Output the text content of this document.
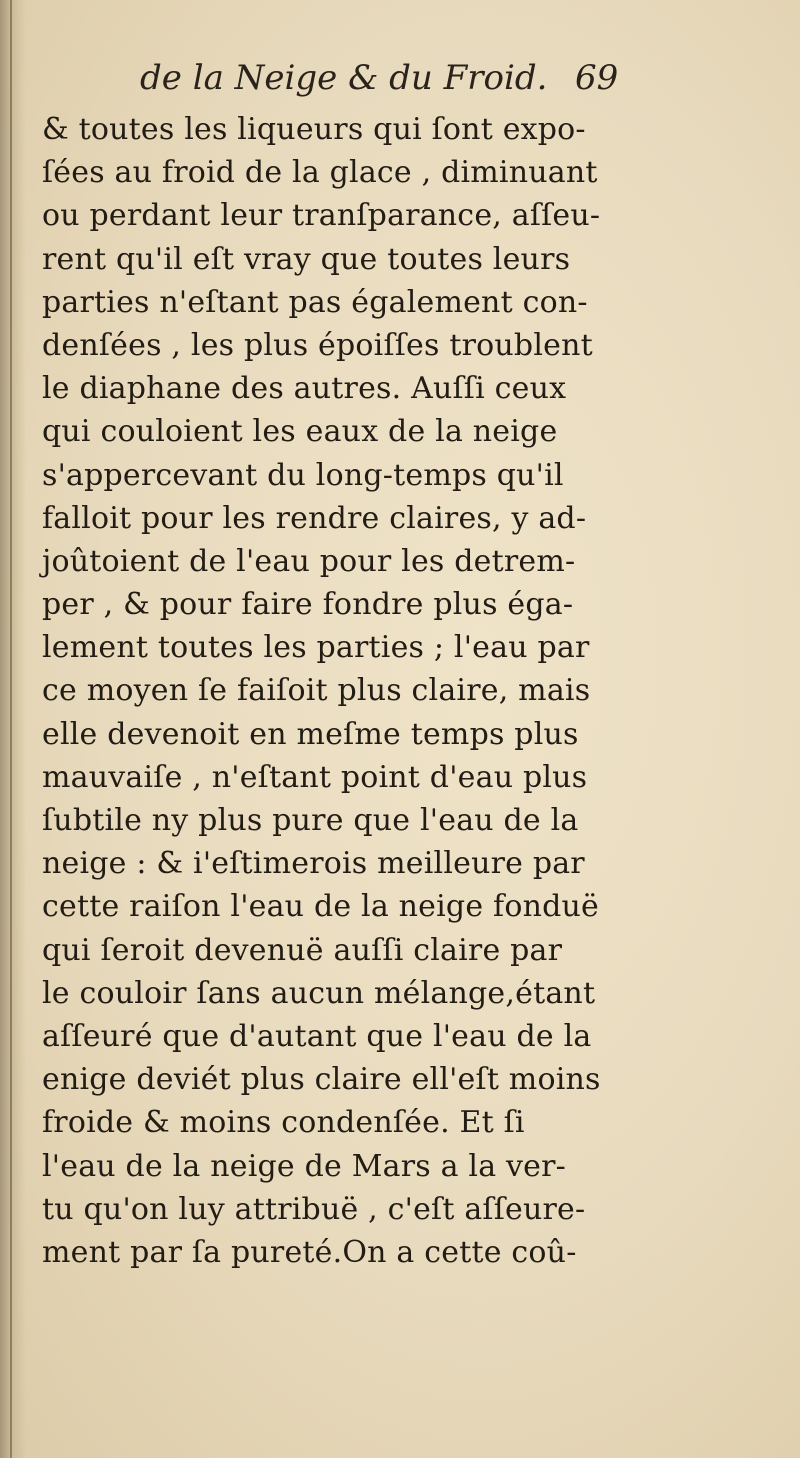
de la Neige & du Froid. 69
& toutes les liqueurs qui ſont expo-
ſées au froid de la glace , diminuant
ou perdant leur tranſparance, aſſeu-
rent qu'il eſt vray que toutes leurs
parties n'eſtant pas également con-
denſées , les plus époiſſes troublent
le diaphane des autres. Auſſi ceux
qui couloient les eaux de la neige
s'appercevant du long-temps qu'il
falloit pour les rendre claires, y ad-
joûtoient de l'eau pour les detrem-
per , & pour faire fondre plus éga-
lement toutes les parties ; l'eau par
ce moyen ſe faiſoit plus claire, mais
elle devenoit en meſme temps plus
mauvaiſe , n'eſtant point d'eau plus
ſubtile ny plus pure que l'eau de la
neige : & i'eſtimerois meilleure par
cette raiſon l'eau de la neige fonduë
qui ſeroit devenuë auſſi claire par
le couloir ſans aucun mélange,étant
aſſeuré que d'autant que l'eau de la
enige deviét plus claire ell'eſt moins
froide & moins condenſée. Et ſi
l'eau de la neige de Mars a la ver-
tu qu'on luy attribuë , c'eſt aſſeure-
ment par ſa pureté.On a cette coû-
